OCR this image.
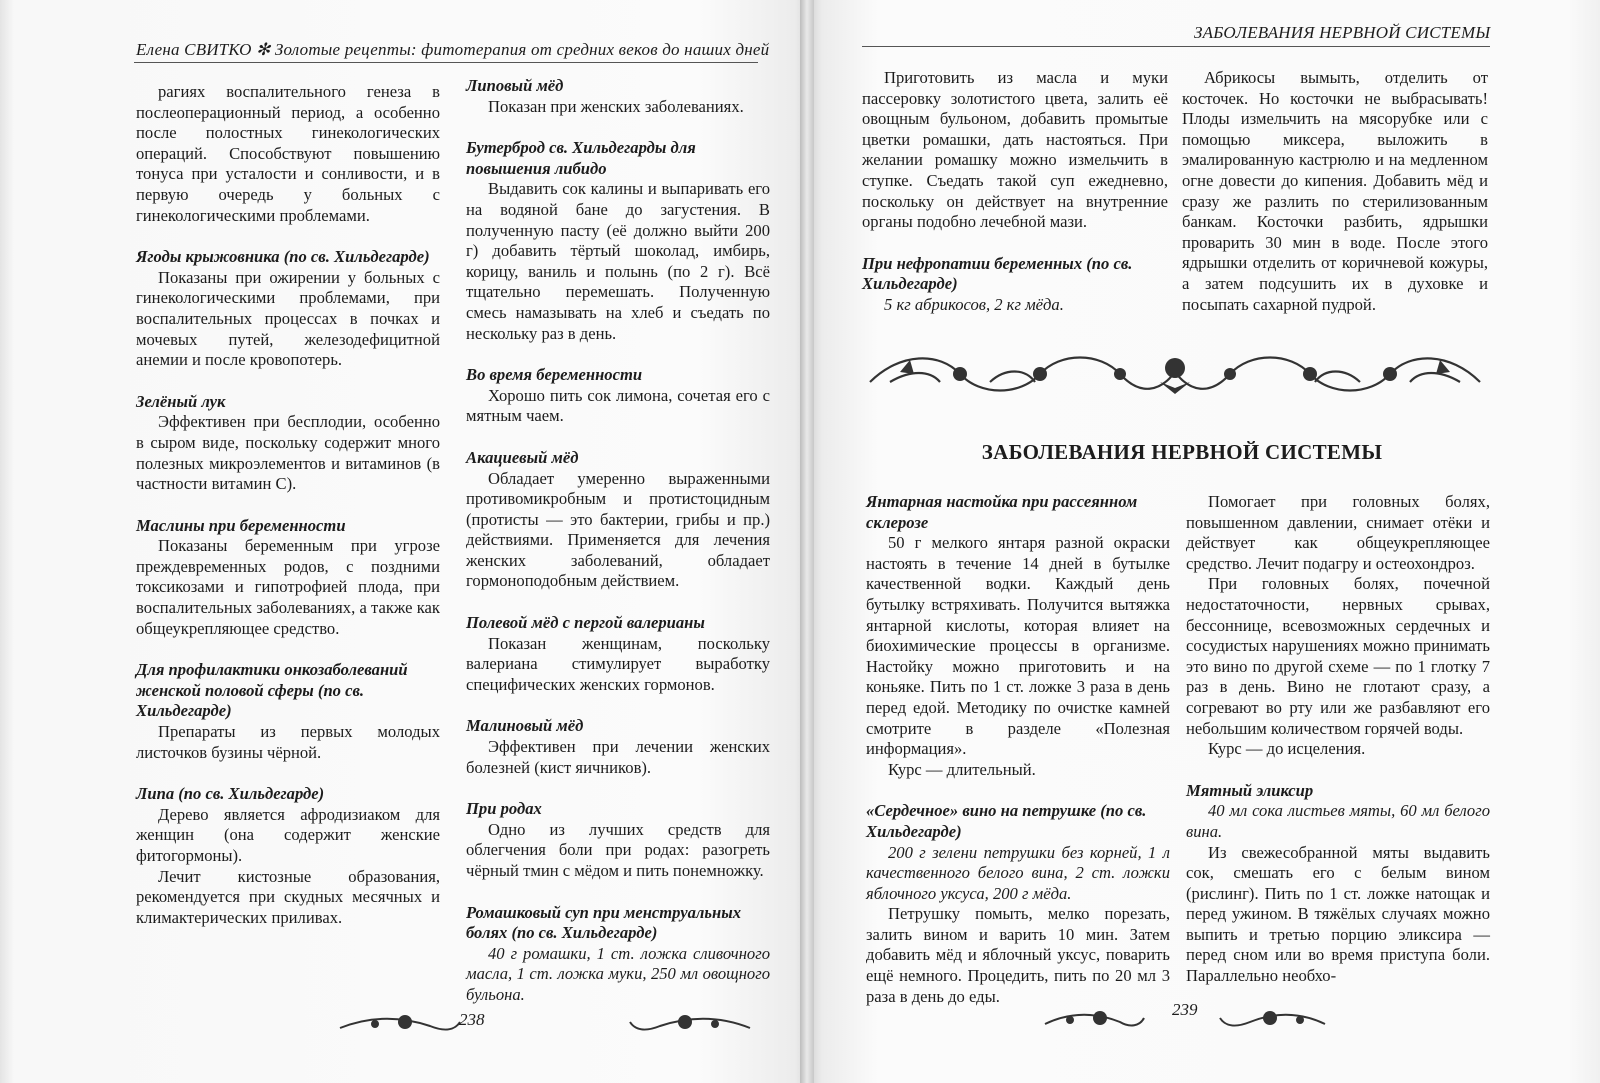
Елена СВИТКО ✻ Золотые рецепты: фитотерапия от средних веков до наших дней
ЗАБОЛЕВАНИЯ НЕРВНОЙ СИСТЕМЫ

рагиях воспалительного генеза в послеоперационный период, а особенно после полостных гинекологических операций. Способствуют повышению тонуса при усталости и сонливости, и в первую очередь у больных с гинекологическими проблемами.

Ягоды крыжовника (по св. Хильдегарде)

Показаны при ожирении у больных с гинекологическими проблемами, при воспалительных процессах в почках и мочевых путей, железодефицитной анемии и после кровопотерь.

Зелёный лук

Эффективен при бесплодии, особенно в сыром виде, поскольку содержит много полезных микроэлементов и витаминов (в частности витамин С).

Маслины при беременности

Показаны беременным при угрозе преждевременных родов, с поздними токсикозами и гипотрофией плода, при воспалительных заболеваниях, а также как общеукрепляющее средство.

Для профилактики онкозаболеваний женской половой сферы (по св. Хильдегарде)

Препараты из первых молодых листочков бузины чёрной.

Липа (по св. Хильдегарде)

Дерево является афродизиаком для женщин (она содержит женские фитогормоны).

Лечит кистозные образования, рекомендуется при скудных месячных и климактерических приливах.

Липовый мёд

Показан при женских заболеваниях.

Бутерброд св. Хильдегарды для повышения либидо

Выдавить сок калины и выпаривать его на водяной бане до загустения. В полученную пасту (её должно выйти 200 г) добавить тёртый шоколад, имбирь, корицу, ваниль и полынь (по 2 г). Всё тщательно перемешать. Полученную смесь намазывать на хлеб и съедать по нескольку раз в день.

Во время беременности

Хорошо пить сок лимона, сочетая его с мятным чаем.

Акациевый мёд

Обладает умеренно выраженными противомикробным и протистоцидным (протисты — это бактерии, грибы и пр.) действиями. Применяется для лечения женских заболеваний, обладает гормоноподобным действием.

Полевой мёд с пергой валерианы

Показан женщинам, поскольку валериана стимулирует выработку специфических женских гормонов.

Малиновый мёд

Эффективен при лечении женских болезней (кист яичников).

При родах

Одно из лучших средств для облегчения боли при родах: разогреть чёрный тмин с мёдом и пить понемножку.

Ромашковый суп при менструальных болях (по св. Хильдегарде)

40 г ромашки, 1 ст. ложка сливочного масла, 1 ст. ложка муки, 250 мл овощного бульона.

Приготовить из масла и муки пассеровку золотистого цвета, залить её овощным бульоном, добавить промытые цветки ромашки, дать настояться. При желании ромашку можно измельчить в ступке. Съедать такой суп ежедневно, поскольку он действует на внутренние органы подобно лечебной мази.

При нефропатии беременных (по св. Хильдегарде)

5 кг абрикосов, 2 кг мёда.

Абрикосы вымыть, отделить от косточек. Но косточки не выбрасывать! Плоды измельчить на мясорубке или с помощью миксера, выложить в эмалированную кастрюлю и на медленном огне довести до кипения. Добавить мёд и сразу же разлить по стерилизованным банкам. Косточки разбить, ядрышки проварить 30 мин в воде. После этого ядрышки отделить от коричневой кожуры, а затем подсушить их в духовке и посыпать сахарной пудрой.

Янтарная настойка при рассеянном склерозе

50 г мелкого янтаря разной окраски настоять в течение 14 дней в бутылке качественной водки. Каждый день бутылку встряхивать. Получится вытяжка янтарной кислоты, которая влияет на биохимические процессы в организме. Настойку можно приготовить и на коньяке. Пить по 1 ст. ложке 3 раза в день перед едой. Методику по очистке камней смотрите в разделе «Полезная информация».

Курс — длительный.

«Сердечное» вино на петрушке (по св. Хильдегарде)

200 г зелени петрушки без корней, 1 л качественного белого вина, 2 ст. ложки яблочного уксуса, 200 г мёда.

Петрушку помыть, мелко порезать, залить вином и варить 10 мин. Затем добавить мёд и яблочный уксус, поварить ещё немного. Процедить, пить по 20 мл 3 раза в день до еды.

Помогает при головных болях, повышенном давлении, снимает отёки и действует как общеукрепляющее средство. Лечит подагру и остеохондроз.

При головных болях, почечной недостаточности, нервных срывах, бессоннице, всевозможных сердечных и сосудистых нарушениях можно принимать это вино по другой схеме — по 1 глотку 7 раз в день. Вино не глотают сразу, а согревают во рту или же разбавляют его небольшим количеством горячей воды.

Курс — до исцеления.

Мятный эликсир

40 мл сока листьев мяты, 60 мл белого вина.

Из свежесобранной мяты выдавить сок, смешать его с белым вином (рислинг). Пить по 1 ст. ложке натощак и перед ужином. В тяжёлых случаях можно выпить и третью порцию эликсира — перед сном или во время приступа боли. Параллельно необхо-

ЗАБОЛЕВАНИЯ НЕРВНОЙ СИСТЕМЫ
238
239
